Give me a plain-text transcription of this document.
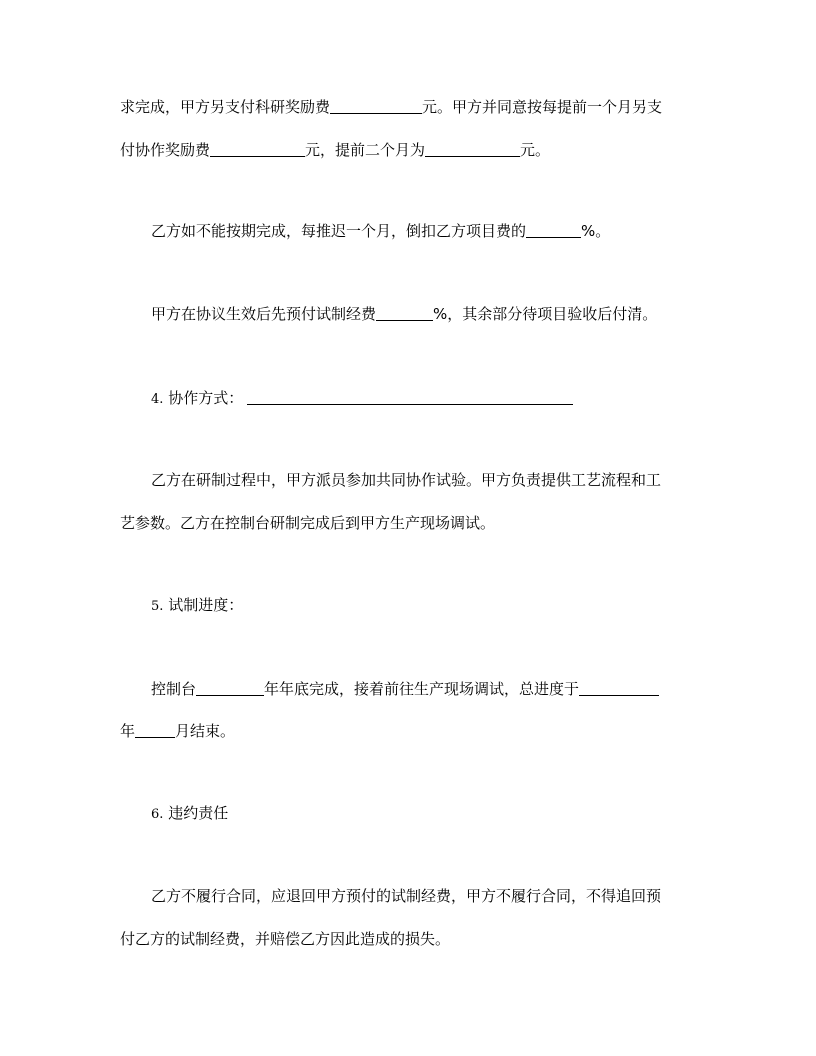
求完成，甲方另支付科研奖励费	元。甲方并同意按每提前一个月另支
付协作奖励费	元，提前二个月为	元。
乙方如不能按期完成，每推迟一个月，倒扣乙方项目费的	%。
甲方在协议生效后先预付试制经费	%，其余部分待项目验收后付清。
4. 协作方式：
乙方在研制过程中，甲方派员参加共同协作试验。甲方负责提供工艺流程和工
艺参数。乙方在控制台研制完成后到甲方生产现场调试。
5. 试制进度：
控制台	年年底完成，接着前往生产现场调试，总进度于
年	月结束。
6. 违约责任
乙方不履行合同，应退回甲方预付的试制经费，甲方不履行合同，不得追回预
付乙方的试制经费，并赔偿乙方因此造成的损失。
